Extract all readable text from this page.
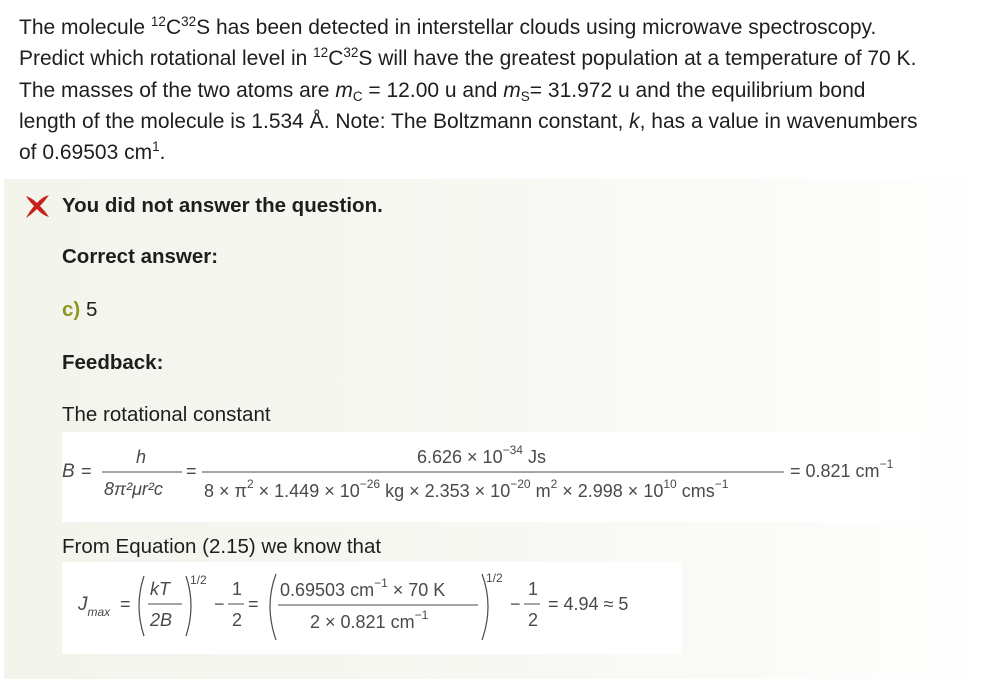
The molecule $^{12}C^{32}S$ has been detected in interstellar clouds using microwave spectroscopy. Predict which rotational level in $^{12}C^{32}S$ will have the greatest population at a temperature of 70 K. The masses of the two atoms are $m_C = 12.00$ u and $m_S= 31.972$ u and the equilibrium bond length of the molecule is 1.534 Å. Note: The Boltzmann constant, k, has a value in wavenumbers of 0.69503 $cm^1$.
You did not answer the question.
Correct answer:
c) 5
Feedback:
The rotational constant
B =
h
8π²μr²c
=
$6.626 \times 10^{-34}$ Js
$8 \times \pi^2 \times 1.449 \times 10^{-26}$ kg × $2.353 \times 10^{-20}$ $m^2 \times 2.998 \times 10^{10}$ cms$^{-1}$
= 0.821 $cm^{-1}$
From Equation (2.15) we know that
$J_{max}$ =
kT
2B
1/2
−
1
2
=
0.69503 $cm^{-1} \times 70$ K
2 × 0.821 $cm^{-1}$
1/2
−
1
2
= 4.94 ≈ 5
